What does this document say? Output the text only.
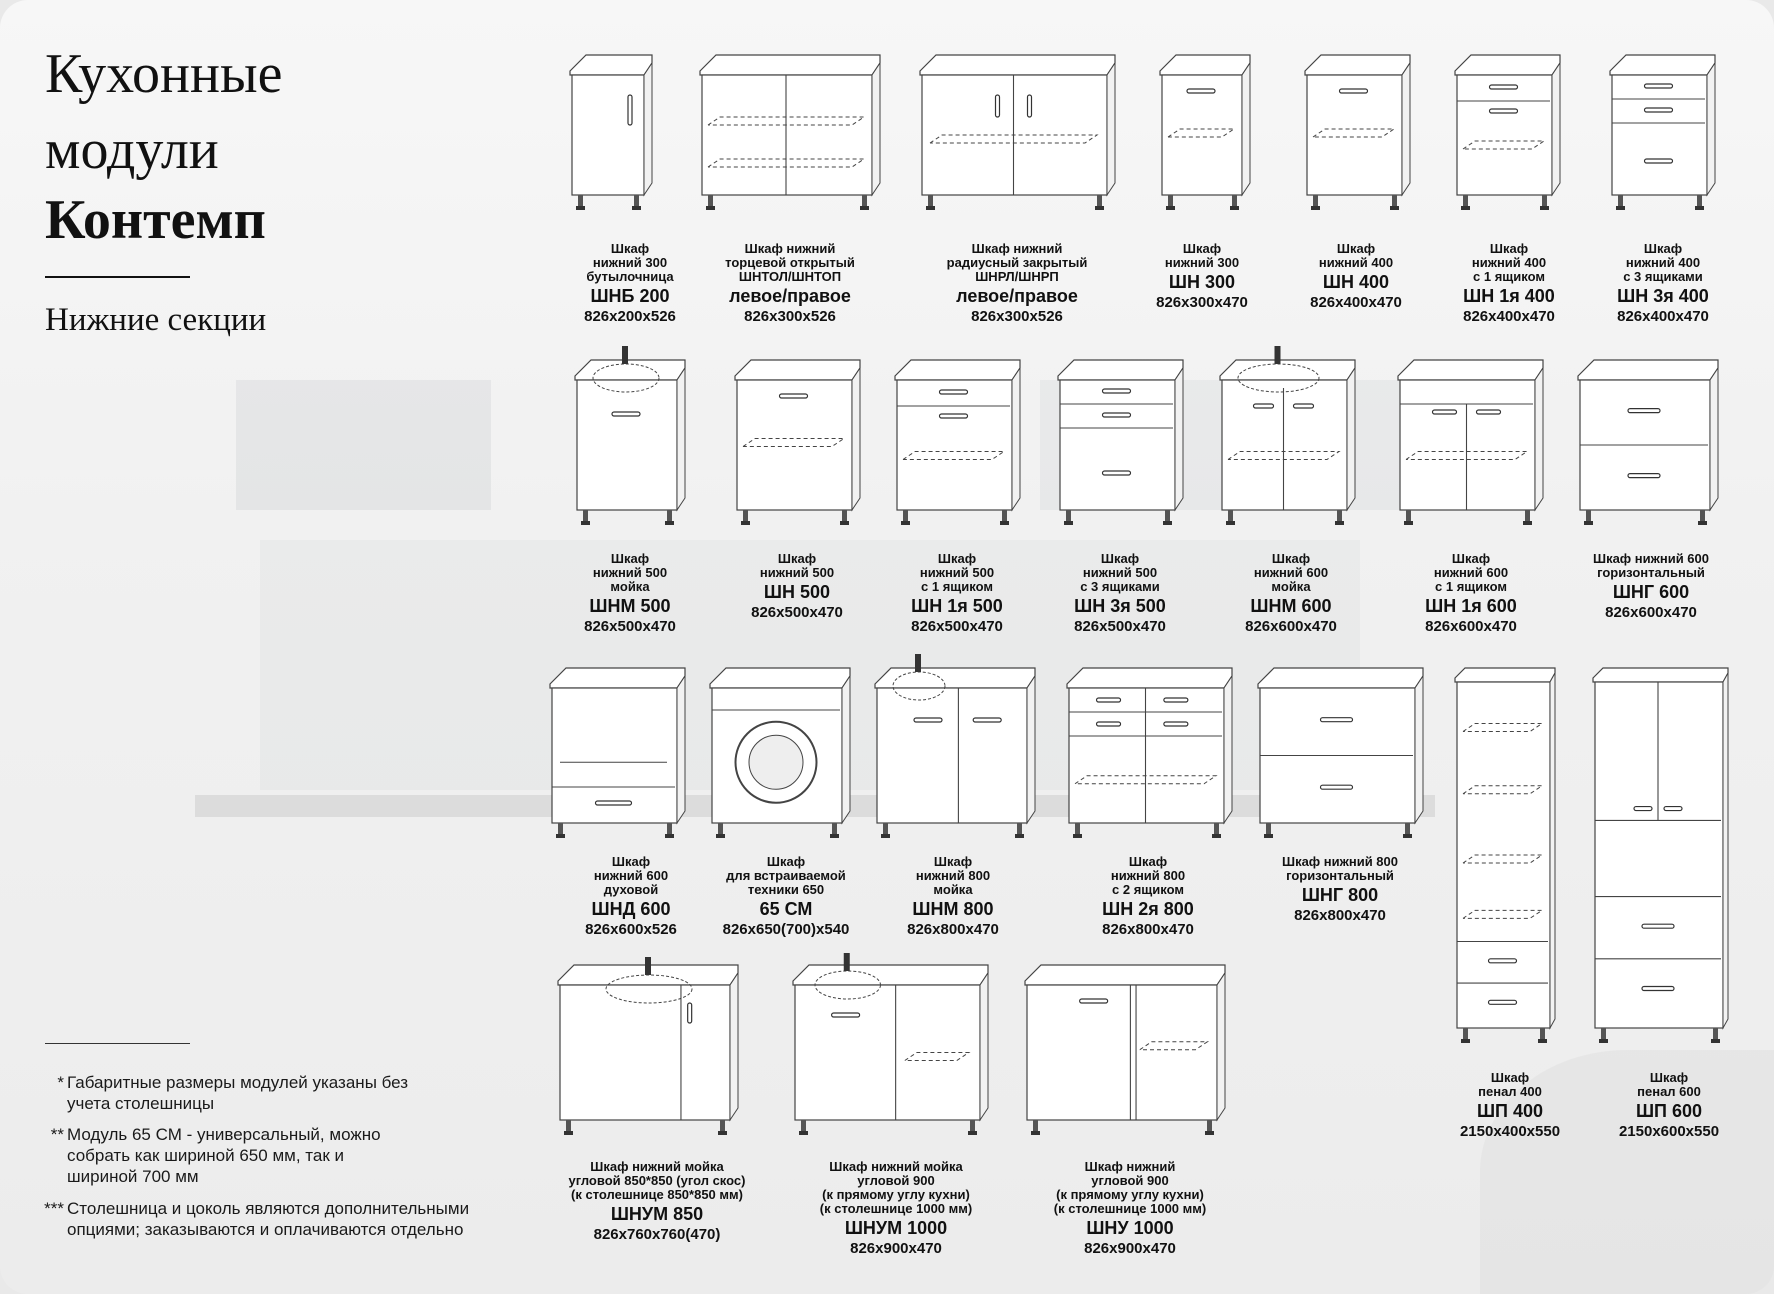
Кухонные
модули
Контемп
Нижние секции
* Габаритные размеры модулей указаны без учета столешницы
** Модуль 65 СМ - универсальный, можно собрать как шириной 650 мм, так и шириной 700 мм
*** Столешница и цоколь являются дополнительными опциями; заказываются и оплачиваются отдельно
Шкаф
нижний 300
бутылочница
ШНБ 200
826x200x526
Шкаф нижний
торцевой открытый
ШНТОЛ/ШНТОП
левое/правое
826x300x526
Шкаф нижний
радиусный закрытый
ШНРЛ/ШНРП
левое/правое
826x300x526
Шкаф
нижний 300
ШН 300
826x300x470
Шкаф
нижний 400
ШН 400
826x400x470
Шкаф
нижний 400
с 1 ящиком
ШН 1я 400
826x400x470
Шкаф
нижний 400
с 3 ящиками
ШН 3я 400
826x400x470
Шкаф
нижний 500
мойка
ШНМ 500
826x500x470
Шкаф
нижний 500
ШН 500
826x500x470
Шкаф
нижний 500
с 1 ящиком
ШН 1я 500
826x500x470
Шкаф
нижний 500
с 3 ящиками
ШН 3я 500
826x500x470
Шкаф
нижний 600
мойка
ШНМ 600
826x600x470
Шкаф
нижний 600
с 1 ящиком
ШН 1я 600
826x600x470
Шкаф нижний 600
горизонтальный
ШНГ 600
826x600x470
Шкаф
нижний 600
духовой
ШНД 600
826x600x526
Шкаф
для встраиваемой
техники 650
65 СМ
826x650(700)x540
Шкаф
нижний 800
мойка
ШНМ 800
826x800x470
Шкаф
нижний 800
с 2 ящиком
ШН 2я 800
826x800x470
Шкаф нижний 800
горизонтальный
ШНГ 800
826x800x470
Шкаф
пенал 400
ШП 400
2150x400x550
Шкаф
пенал 600
ШП 600
2150x600x550
Шкаф нижний мойка
угловой 850*850 (угол скос)
(к столешнице 850*850 мм)
ШНУМ 850
826x760x760(470)
Шкаф нижний мойка
угловой 900
(к прямому углу кухни)
(к столешнице 1000 мм)
ШНУМ 1000
826x900x470
Шкаф нижний
угловой 900
(к прямому углу кухни)
(к столешнице 1000 мм)
ШНУ 1000
826x900x470
